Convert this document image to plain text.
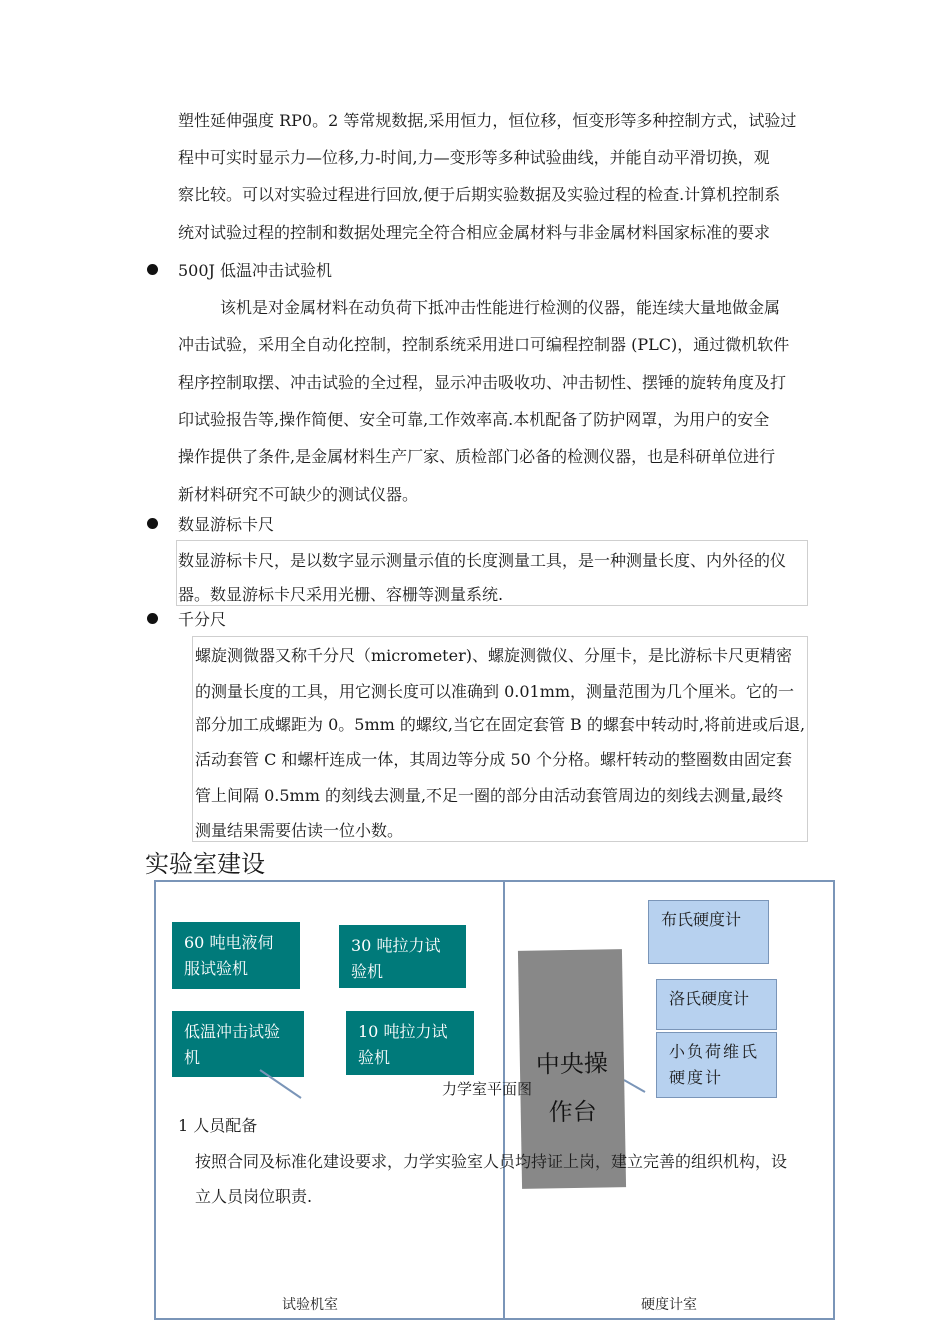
塑性延伸强度 RP0。2 等常规数据,采用恒力，恒位移，恒变形等多种控制方式，试验过
程中可实时显示力—位移,力-时间,力—变形等多种试验曲线，并能自动平滑切换，观
察比较。可以对实验过程进行回放,便于后期实验数据及实验过程的检查.计算机控制系
统对试验过程的控制和数据处理完全符合相应金属材料与非金属材料国家标准的要求
500J 低温冲击试验机
该机是对金属材料在动负荷下抵冲击性能进行检测的仪器，能连续大量地做金属
冲击试验，采用全自动化控制，控制系统采用进口可编程控制器 (PLC)，通过微机软件
程序控制取摆、冲击试验的全过程，显示冲击吸收功、冲击韧性、摆锤的旋转角度及打
印试验报告等,操作简便、安全可靠,工作效率高.本机配备了防护网罩，为用户的安全
操作提供了条件,是金属材料生产厂家、质检部门必备的检测仪器，也是科研单位进行
新材料研究不可缺少的测试仪器。
数显游标卡尺
数显游标卡尺，是以数字显示测量示值的长度测量工具，是一种测量长度、内外径的仪
器。数显游标卡尺采用光栅、容栅等测量系统.
千分尺
螺旋测微器又称千分尺（micrometer)、螺旋测微仪、分厘卡，是比游标卡尺更精密
的测量长度的工具，用它测长度可以准确到 0.01mm，测量范围为几个厘米。它的一
部分加工成螺距为 0。5mm 的螺纹,当它在固定套管 B 的螺套中转动时,将前进或后退,
活动套管 C 和螺杆连成一体，其周边等分成 50 个分格。螺杆转动的整圈数由固定套
管上间隔 0.5mm 的刻线去测量,不足一圈的部分由活动套管周边的刻线去测量,最终
测量结果需要估读一位小数。
实验室建设
60 吨电液伺服试验机
30 吨拉力试验机
低温冲击试验机
10 吨拉力试验机	中央操作台
布氏硬度计
洛氏硬度计
小负荷维氏硬度计
力学室平面图
1 人员配备
按照合同及标准化建设要求，力学实验室人员均持证上岗，建立完善的组织机构，设
立人员岗位职责.
试验机室	硬度计室
